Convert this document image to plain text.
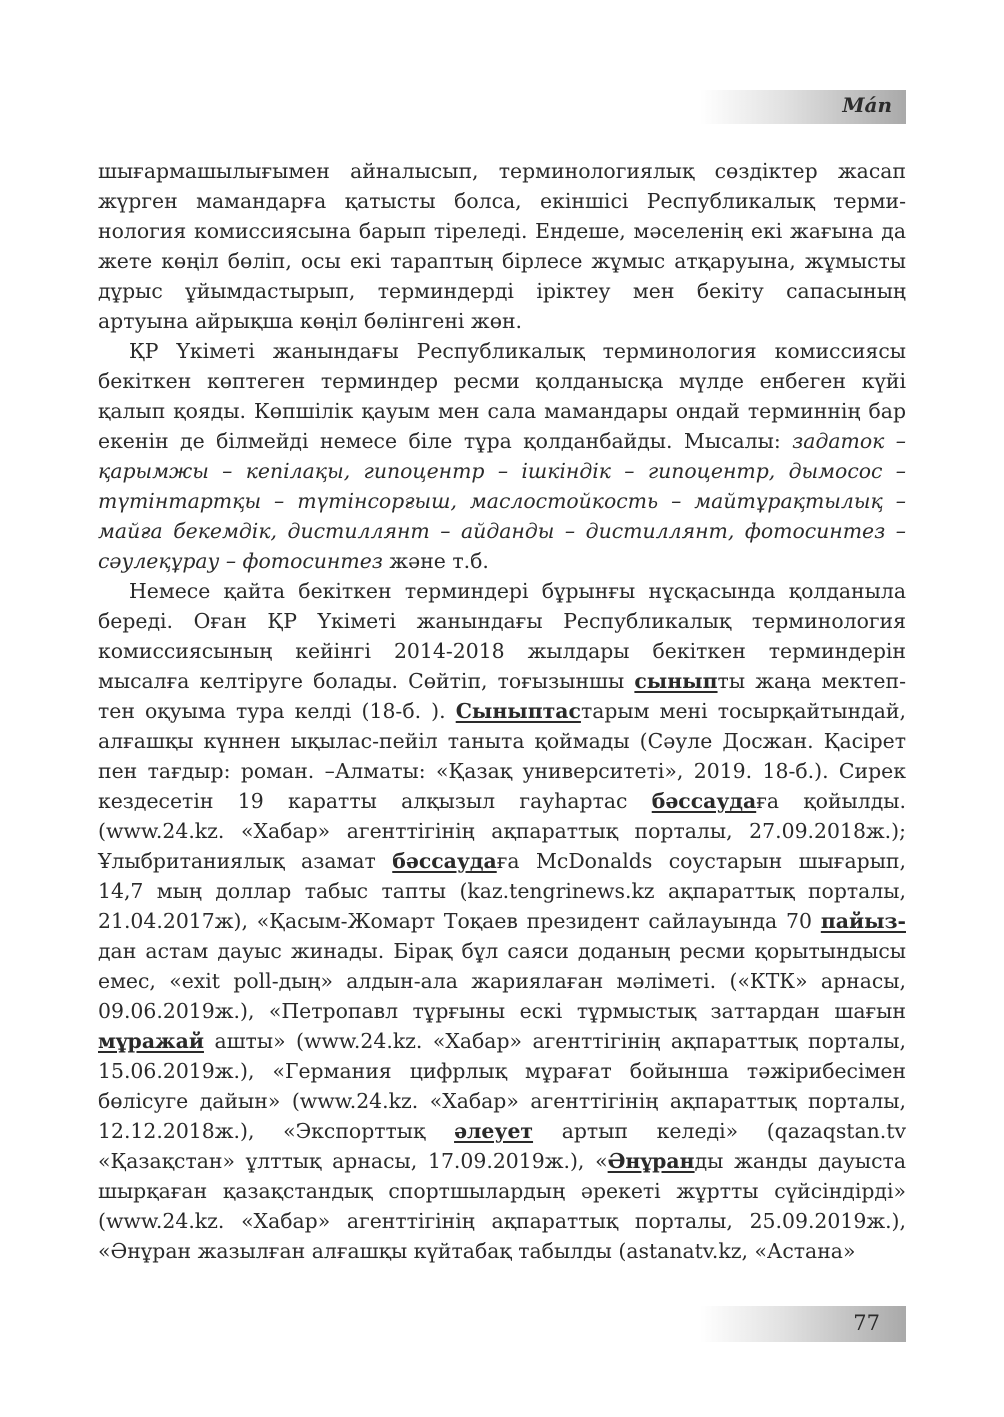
Mán

шығармашылығымен айналысып, терминологиялық сөздіктер жасап жүрген мамандарға қатысты болса, екіншісі Республикалық терминология комиссиясына барып тіреледі. Ендеше, мәселенің екі жағына да жете көңіл бөліп, осы екі тараптың бірлесе жұмыс атқаруына, жұмысты дұрыс ұйымдастырып, терминдерді іріктеу мен бекіту сапасының артуына айрықша көңіл бөлінгені жөн.

ҚР Үкіметі жанындағы Республикалық терминология комиссиясы бекіткен көптеген терминдер ресми қолданысқа мүлде енбеген күйі қалып қояды. Көпшілік қауым мен сала мамандары ондай терминнің бар екенін де білмейді немесе біле тұра қолданбайды. Мысалы: задаток – қарымжы – кепілақы, гипоцентр – ішкіндік – гипоцентр, дымосос – түтінтартқы – түтінсорғыш, маслостойкость – майтұрақтылық – майға бекемдік, дистиллянт – айданды – дистиллянт, фотосинтез – сәулеқұрау – фотосинтез және т.б.

Немесе қайта бекіткен терминдері бұрынғы нұсқасында қолданыла береді. Оған ҚР Үкіметі жанындағы Республикалық терминология комиссиясының кейінгі 2014-2018 жылдары бекіткен терминдерін мысалға келтіруге болады. Сөйтіп, тоғызыншы сыныпты жаңа мектептен оқуыма тура келді (18-б. ). Сыныптастарым мені тосырқайтындай, алғашқы күннен ықылас-пейіл таныта қоймады (Сәуле Досжан. Қасірет пен тағдыр: роман. –Алматы: «Қазақ университеті», 2019. 18-б.). Сирек кездесетін 19 каратты алқызыл гауһартас бәссаудаға қойылды. (www.24.kz. «Хабар» агенттігінің ақпараттық порталы, 27.09.2018ж.); Ұлыбританиялық азамат бәссаудаға McDonalds соустарын шығарып, 14,7 мың доллар табыс тапты (kaz.tengrinews.kz ақпараттық порталы, 21.04.2017ж), «Қасым-Жомарт Тоқаев президент сайлауында 70 пайыз-дан астам дауыс жинады. Бірақ бұл саяси доданың ресми қорытындысы емес, «exit poll-дың» алдын-ала жариялаған мәліметі. («КТК» арнасы, 09.06.2019ж.), «Петропавл тұрғыны ескі тұрмыстық заттардан шағын мұражай ашты» (www.24.kz. «Хабар» агенттігінің ақпараттық порталы, 15.06.2019ж.), «Германия цифрлық мұрағат бойынша тәжірибесімен бөлісуге дайын» (www.24.kz. «Хабар» агенттігінің ақпараттық порталы, 12.12.2018ж.), «Экспорттық әлеует артып келеді» (qazaqstan.tv «Қазақстан» ұлттық арнасы, 17.09.2019ж.), «Әнұранды жанды дауыста шырқаған қазақстандық спортшылардың әрекеті жұртты сүйсіндірді» (www.24.kz. «Хабар» агенттігінің ақпараттық порталы, 25.09.2019ж.), «Әнұран жазылған алғашқы күйтабақ табылды (astanatv.kz, «Астана»

77
